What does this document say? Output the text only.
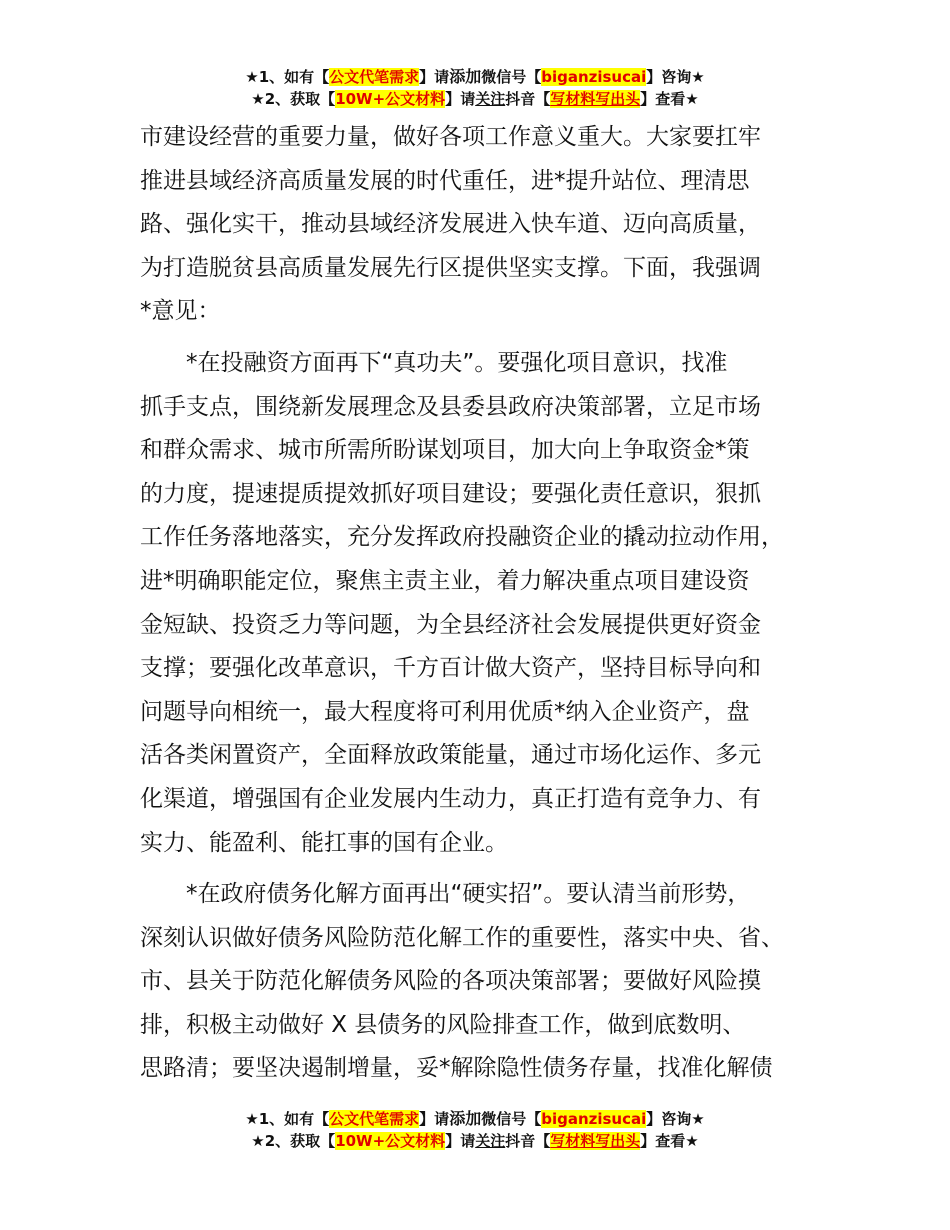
★1、如有【公文代笔需求】请添加微信号【biganzisucai】咨询★
★2、获取【10W+公文材料】请关注抖音【写材料写出头】查看★

市建设经营的重要力量，做好各项工作意义重大。大家要扛牢
推进县域经济高质量发展的时代重任，进*提升站位、理清思
路、强化实干，推动县域经济发展进入快车道、迈向高质量，
为打造脱贫县高质量发展先行区提供坚实支撑。下面，我强调
*意见：

*在投融资方面再下“真功夫”。要强化项目意识，找准
抓手支点，围绕新发展理念及县委县政府决策部署，立足市场
和群众需求、城市所需所盼谋划项目，加大向上争取资金*策
的力度，提速提质提效抓好项目建设；要强化责任意识，狠抓
工作任务落地落实，充分发挥政府投融资企业的撬动拉动作用，
进*明确职能定位，聚焦主责主业，着力解决重点项目建设资
金短缺、投资乏力等问题，为全县经济社会发展提供更好资金
支撑；要强化改革意识，千方百计做大资产，坚持目标导向和
问题导向相统一，最大程度将可利用优质*纳入企业资产，盘
活各类闲置资产，全面释放政策能量，通过市场化运作、多元
化渠道，增强国有企业发展内生动力，真正打造有竞争力、有
实力、能盈利、能扛事的国有企业。

*在政府债务化解方面再出“硬实招”。要认清当前形势，
深刻认识做好债务风险防范化解工作的重要性，落实中央、省、
市、县关于防范化解债务风险的各项决策部署；要做好风险摸
排，积极主动做好 X 县债务的风险排查工作，做到底数明、
思路清；要坚决遏制增量，妥*解除隐性债务存量，找准化解债

★1、如有【公文代笔需求】请添加微信号【biganzisucai】咨询★
★2、获取【10W+公文材料】请关注抖音【写材料写出头】查看★
